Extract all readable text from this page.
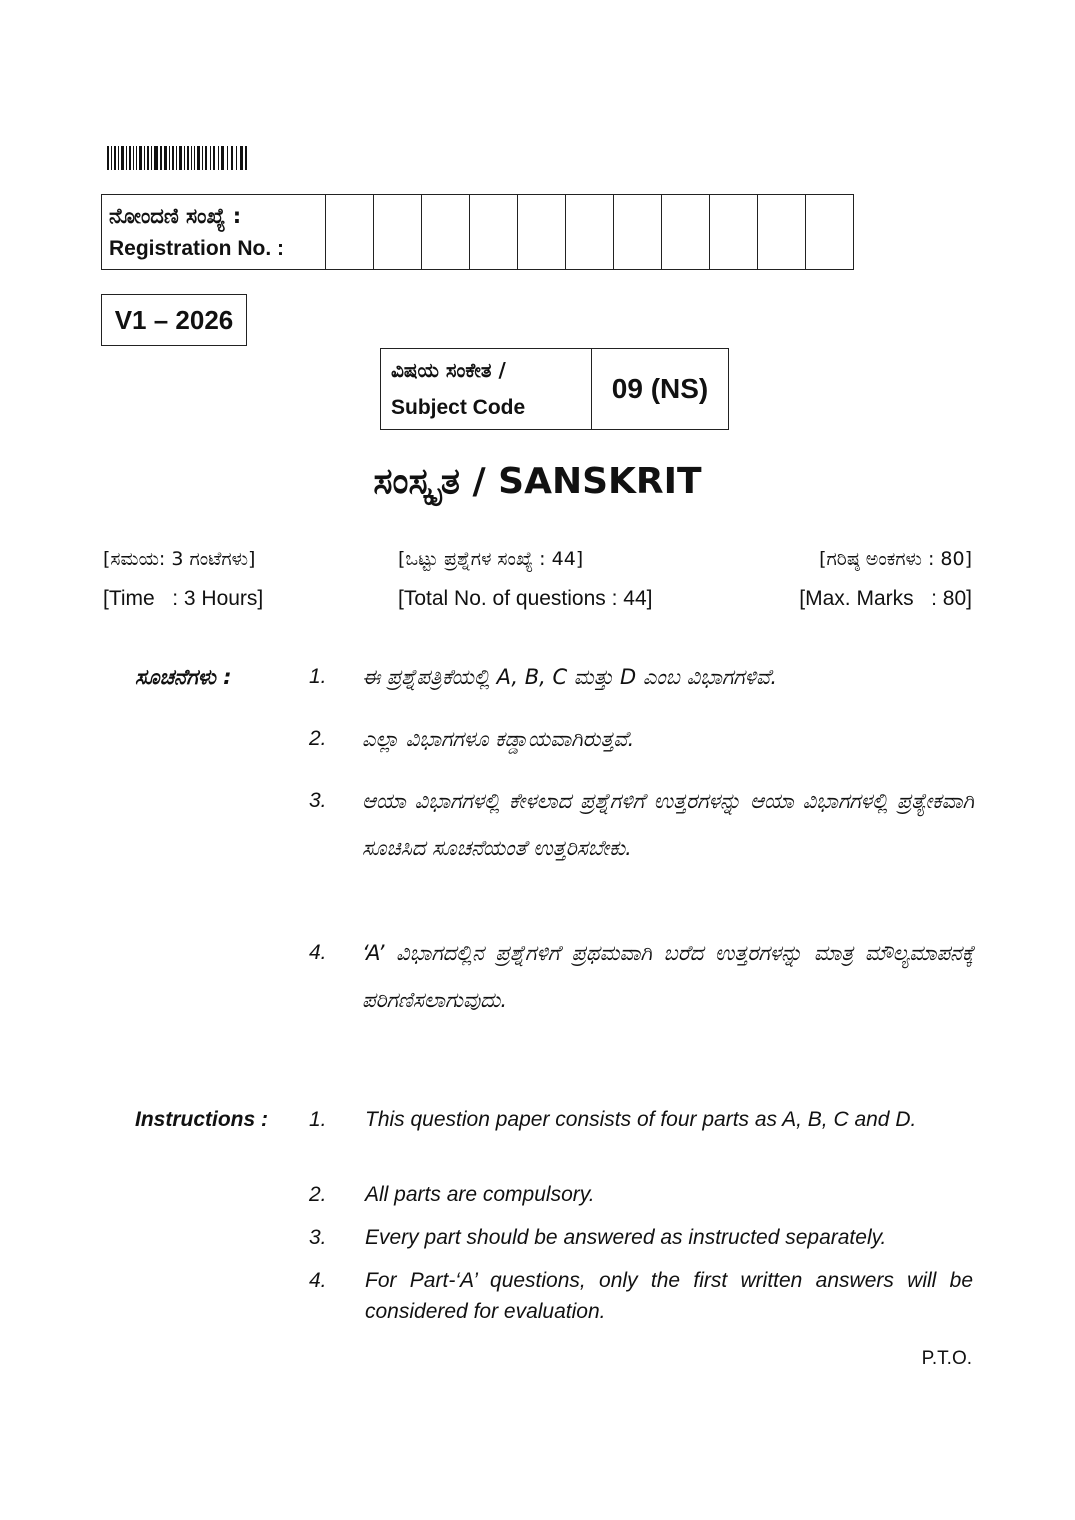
ನೋಂದಣಿ ಸಂಖ್ಯೆ :
Registration No. :

V1 – 2026
ವಿಷಯ ಸಂಕೇತ /
Subject Code
	09 (NS)
ಸಂಸ್ಕೃತ / SANSKRIT
[ಸಮಯ: 3 ಗಂಟೆಗಳು]	[ಒಟ್ಟು ಪ್ರಶ್ನೆಗಳ ಸಂಖ್ಯೆ : 44]	[ಗರಿಷ್ಠ ಅಂಕಗಳು : 80]
[Time   : 3 Hours]	[Total No. of questions : 44]	[Max. Marks   : 80]
ಸೂಚನೆಗಳು :	1. ಈ ಪ್ರಶ್ನೆಪತ್ರಿಕೆಯಲ್ಲಿ A, B, C ಮತ್ತು D ಎಂಬ ವಿಭಾಗಗಳಿವೆ.
2. ಎಲ್ಲಾ ವಿಭಾಗಗಳೂ ಕಡ್ಡಾಯವಾಗಿರುತ್ತವೆ.
3. ಆಯಾ ವಿಭಾಗಗಳಲ್ಲಿ ಕೇಳಲಾದ ಪ್ರಶ್ನೆಗಳಿಗೆ ಉತ್ತರಗಳನ್ನು ಆಯಾ ವಿಭಾಗಗಳಲ್ಲಿ ಪ್ರತ್ಯೇಕವಾಗಿ ಸೂಚಿಸಿದ ಸೂಚನೆಯಂತೆ ಉತ್ತರಿಸಬೇಕು.
4. ‘A’ ವಿಭಾಗದಲ್ಲಿನ ಪ್ರಶ್ನೆಗಳಿಗೆ ಪ್ರಥಮವಾಗಿ ಬರೆದ ಉತ್ತರಗಳನ್ನು ಮಾತ್ರ ಮೌಲ್ಯಮಾಪನಕ್ಕೆ ಪರಿಗಣಿಸಲಾಗುವುದು.
Instructions : 1. This question paper consists of four parts as A, B, C and D.
2. All parts are compulsory.
3. Every part should be answered as instructed separately.
4. For Part-‘A’ questions, only the first written answers will be considered for evaluation.
P.T.O.
